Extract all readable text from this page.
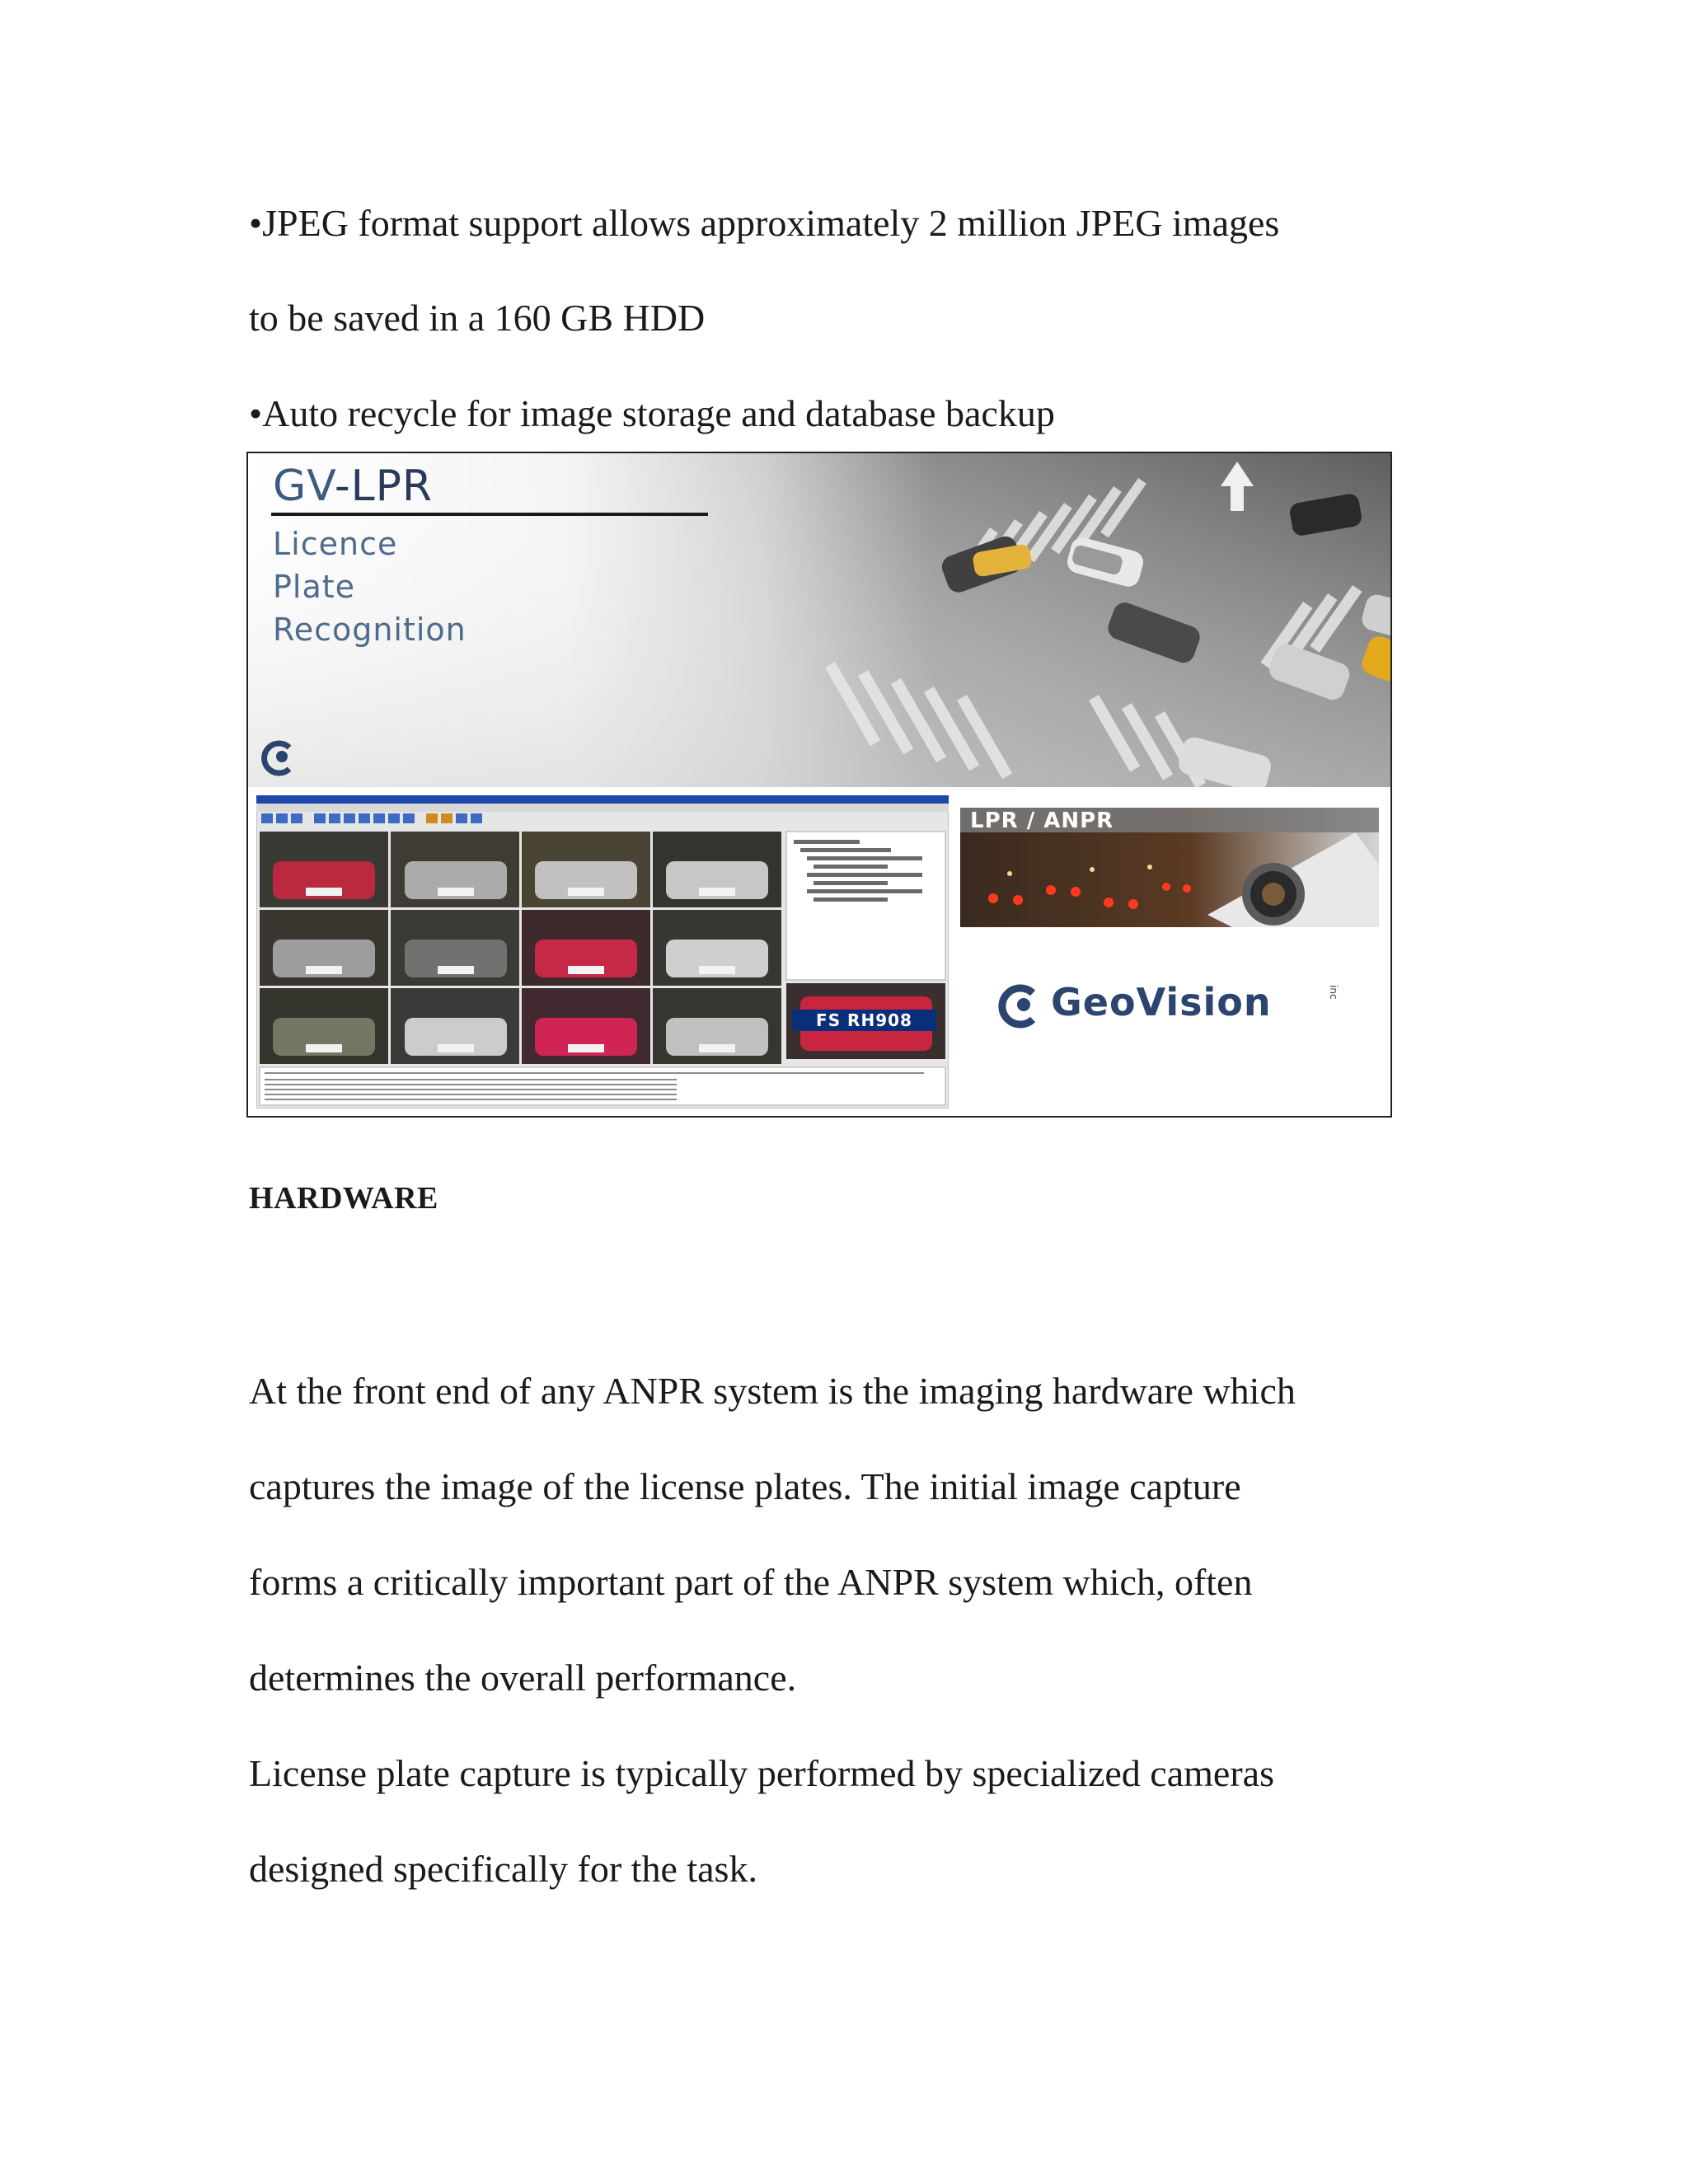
•JPEG format support allows approximately 2 million JPEG images
to be saved in a 160 GB HDD
•Auto recycle for image storage and database backup
GV-LPR
Licence
Plate
Recognition
FS RH908
LPR / ANPR
GeoVision	inc
HARDWARE
At the front end of any ANPR system is the imaging hardware which
captures the image of the license plates. The initial image capture
forms a critically important part of the ANPR system which, often
determines the overall performance.
License plate capture is typically performed by specialized cameras
designed specifically for the task.
